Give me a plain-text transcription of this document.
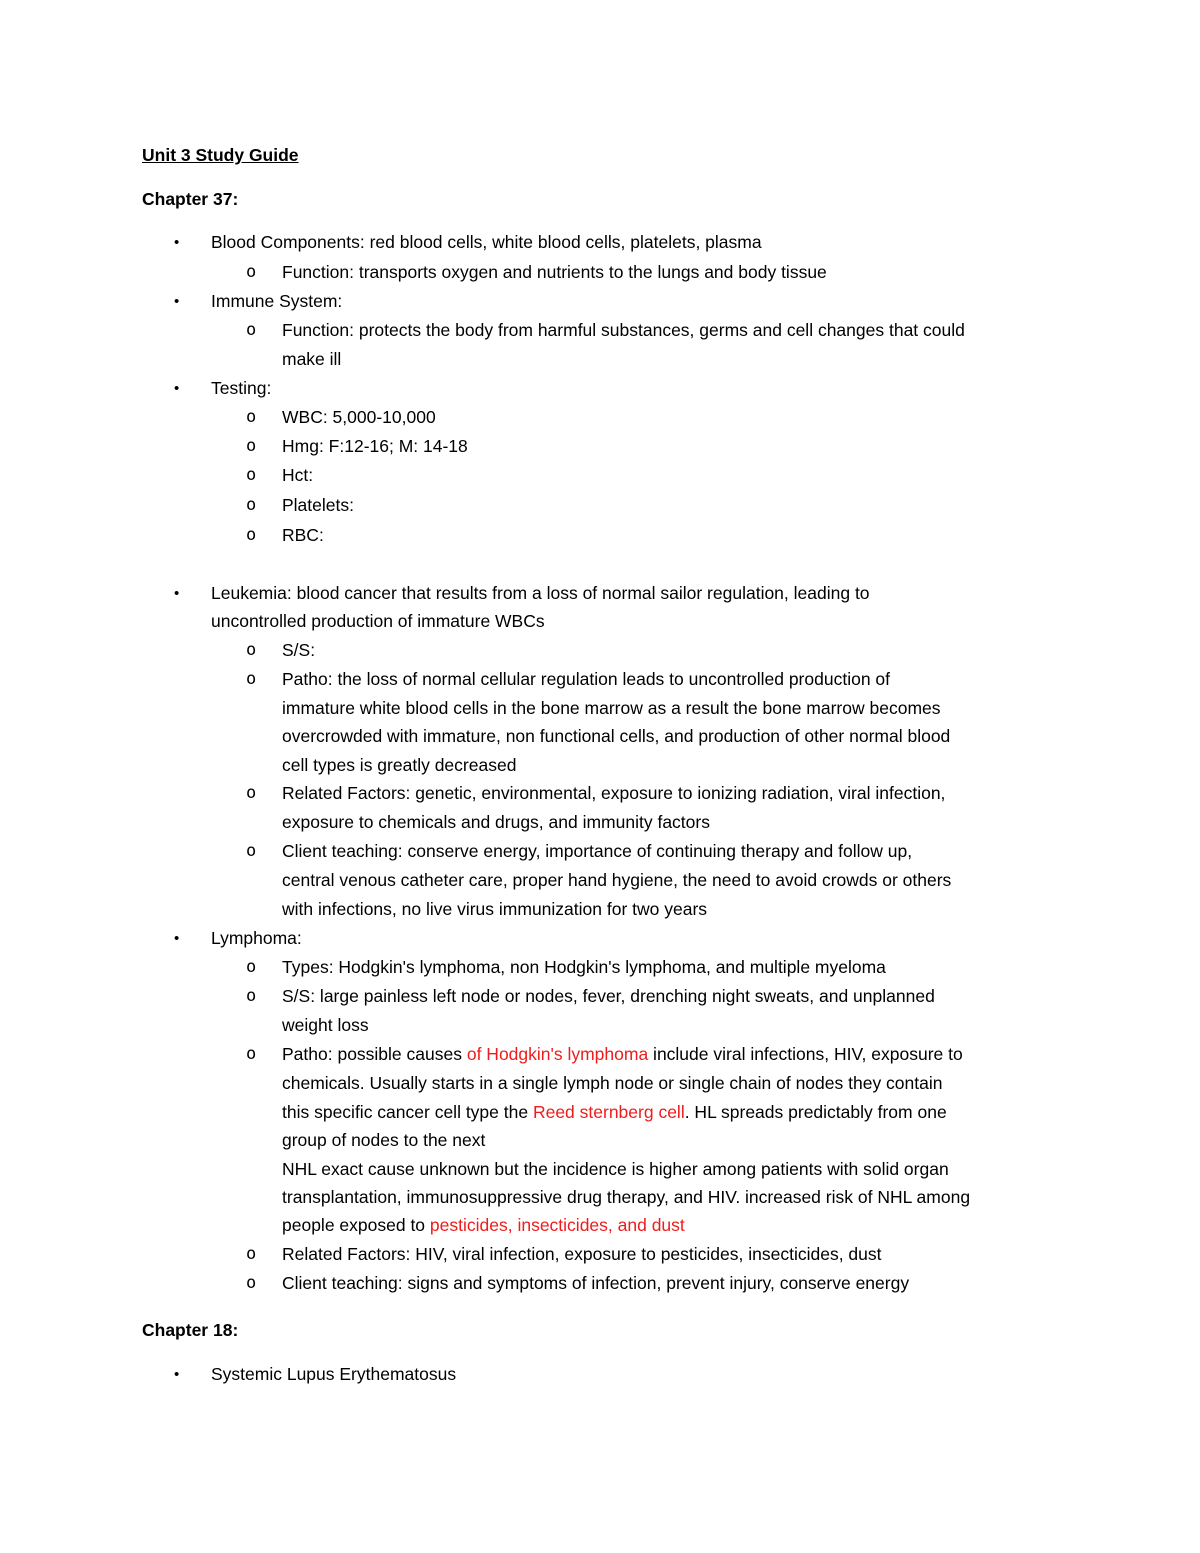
Unit 3 Study Guide
Chapter 37:
• Blood Components: red blood cells, white blood cells, platelets, plasma
o Function: transports oxygen and nutrients to the lungs and body tissue
• Immune System:
o Function: protects the body from harmful substances, germs and cell changes that could
make ill
• Testing:
o WBC: 5,000-10,000
o Hmg: F:12-16; M: 14-18
o Hct:
o Platelets:
o RBC:
• Leukemia: blood cancer that results from a loss of normal sailor regulation, leading to
uncontrolled production of immature WBCs
o S/S:
o Patho: the loss of normal cellular regulation leads to uncontrolled production of
immature white blood cells in the bone marrow as a result the bone marrow becomes
overcrowded with immature, non functional cells, and production of other normal blood
cell types is greatly decreased
o Related Factors: genetic, environmental, exposure to ionizing radiation, viral infection,
exposure to chemicals and drugs, and immunity factors
o Client teaching: conserve energy, importance of continuing therapy and follow up,
central venous catheter care, proper hand hygiene, the need to avoid crowds or others
with infections, no live virus immunization for two years
• Lymphoma:
o Types: Hodgkin's lymphoma, non Hodgkin's lymphoma, and multiple myeloma
o S/S: large painless left node or nodes, fever, drenching night sweats, and unplanned
weight loss
o Patho: possible causes of Hodgkin's lymphoma include viral infections, HIV, exposure to
chemicals. Usually starts in a single lymph node or single chain of nodes they contain
this specific cancer cell type the Reed sternberg cell. HL spreads predictably from one
group of nodes to the next
NHL exact cause unknown but the incidence is higher among patients with solid organ
transplantation, immunosuppressive drug therapy, and HIV. increased risk of NHL among
people exposed to pesticides, insecticides, and dust
o Related Factors: HIV, viral infection, exposure to pesticides, insecticides, dust
o Client teaching: signs and symptoms of infection, prevent injury, conserve energy
Chapter 18:
• Systemic Lupus Erythematosus
